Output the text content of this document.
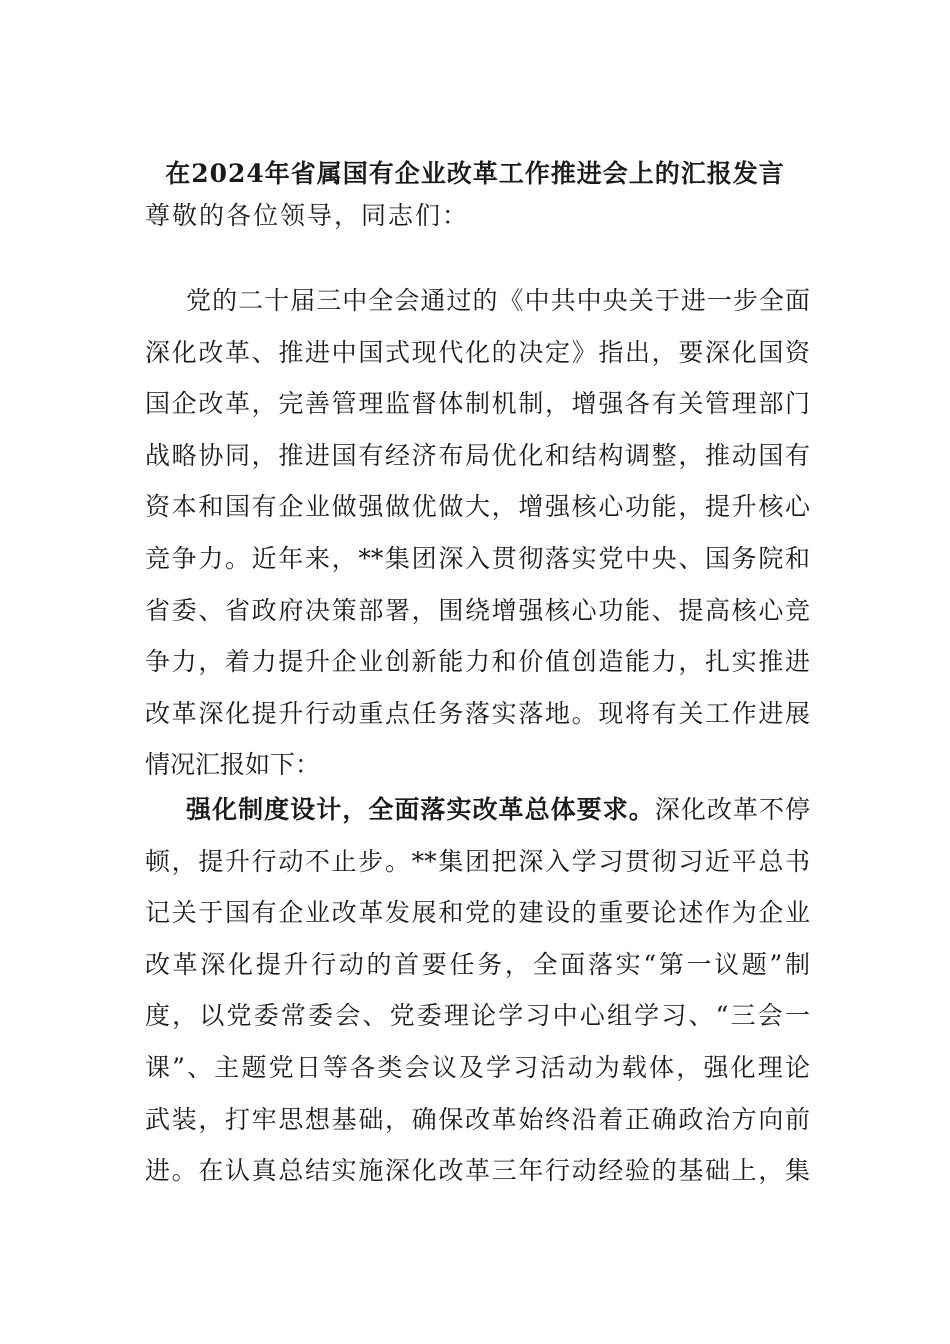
在2024年省属国有企业改革工作推进会上的汇报发言
尊敬的各位领导，同志们：
党的二十届三中全会通过的《中共中央关于进一步全面
深化改革、推进中国式现代化的决定》指出，要深化国资
国企改革，完善管理监督体制机制，增强各有关管理部门
战略协同，推进国有经济布局优化和结构调整，推动国有
资本和国有企业做强做优做大，增强核心功能，提升核心
竞争力。近年来，**集团深入贯彻落实党中央、国务院和
省委、省政府决策部署，围绕增强核心功能、提高核心竞
争力，着力提升企业创新能力和价值创造能力，扎实推进
改革深化提升行动重点任务落实落地。现将有关工作进展
情况汇报如下：
强化制度设计，全面落实改革总体要求。深化改革不停
顿，提升行动不止步。**集团把深入学习贯彻习近平总书
记关于国有企业改革发展和党的建设的重要论述作为企业
改革深化提升行动的首要任务，全面落实“第一议题”制
度，以党委常委会、党委理论学习中心组学习、“三会一
课”、主题党日等各类会议及学习活动为载体，强化理论
武装，打牢思想基础，确保改革始终沿着正确政治方向前
进。在认真总结实施深化改革三年行动经验的基础上，集
